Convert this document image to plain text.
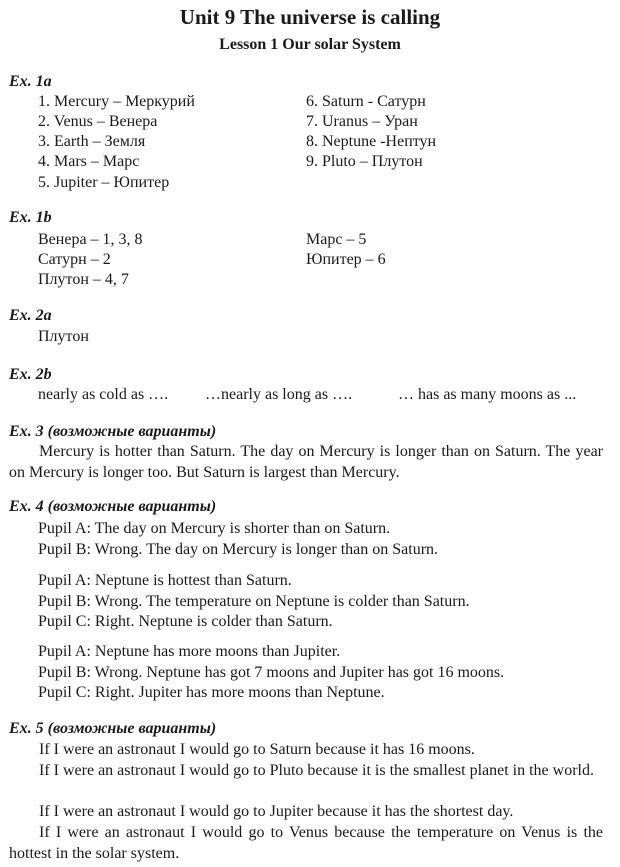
Unit 9 The universe is calling
Lesson 1 Our solar System
Ex. 1a
1. Mercury – Меркурий
2. Venus – Венера
3. Earth – Земля
4. Mars – Марс
5. Jupiter – Юпитер
6. Saturn - Сатурн
7. Uranus – Уран
8. Neptune -Нептун
9. Pluto – Плутон
Ex. 1b
Венера – 1, 3, 8
Сатурн – 2
Плутон – 4, 7
Марс – 5
Юпитер – 6
Ex. 2a
Плутон
Ex. 2b
nearly as cold as …. …nearly as long as ….	… has as many moons as ...
Ex. 3 (возможные варианты)
Mercury is hotter than Saturn. The day on Mercury is longer than on Saturn. The year on Mercury is longer too. But Saturn is largest than Mercury.
Ex. 4 (возможные варианты)
Pupil A: The day on Mercury is shorter than on Saturn.
Pupil B: Wrong. The day on Mercury is longer than on Saturn.
Pupil A: Neptune is hottest than Saturn.
Pupil B: Wrong. The temperature on Neptune is colder than Saturn.
Pupil C: Right. Neptune is colder than Saturn.
Pupil A: Neptune has more moons than Jupiter.
Pupil B: Wrong. Neptune has got 7 moons and Jupiter has got 16 moons.
Pupil C: Right. Jupiter has more moons than Neptune.
Ex. 5 (возможные варианты)
If I were an astronaut I would go to Saturn because it has 16 moons.
If I were an astronaut I would go to Pluto because it is the smallest planet in the world.
If I were an astronaut I would go to Jupiter because it has the shortest day.
If I were an astronaut I would go to Venus because the temperature on Venus is the hottest in the solar system.
